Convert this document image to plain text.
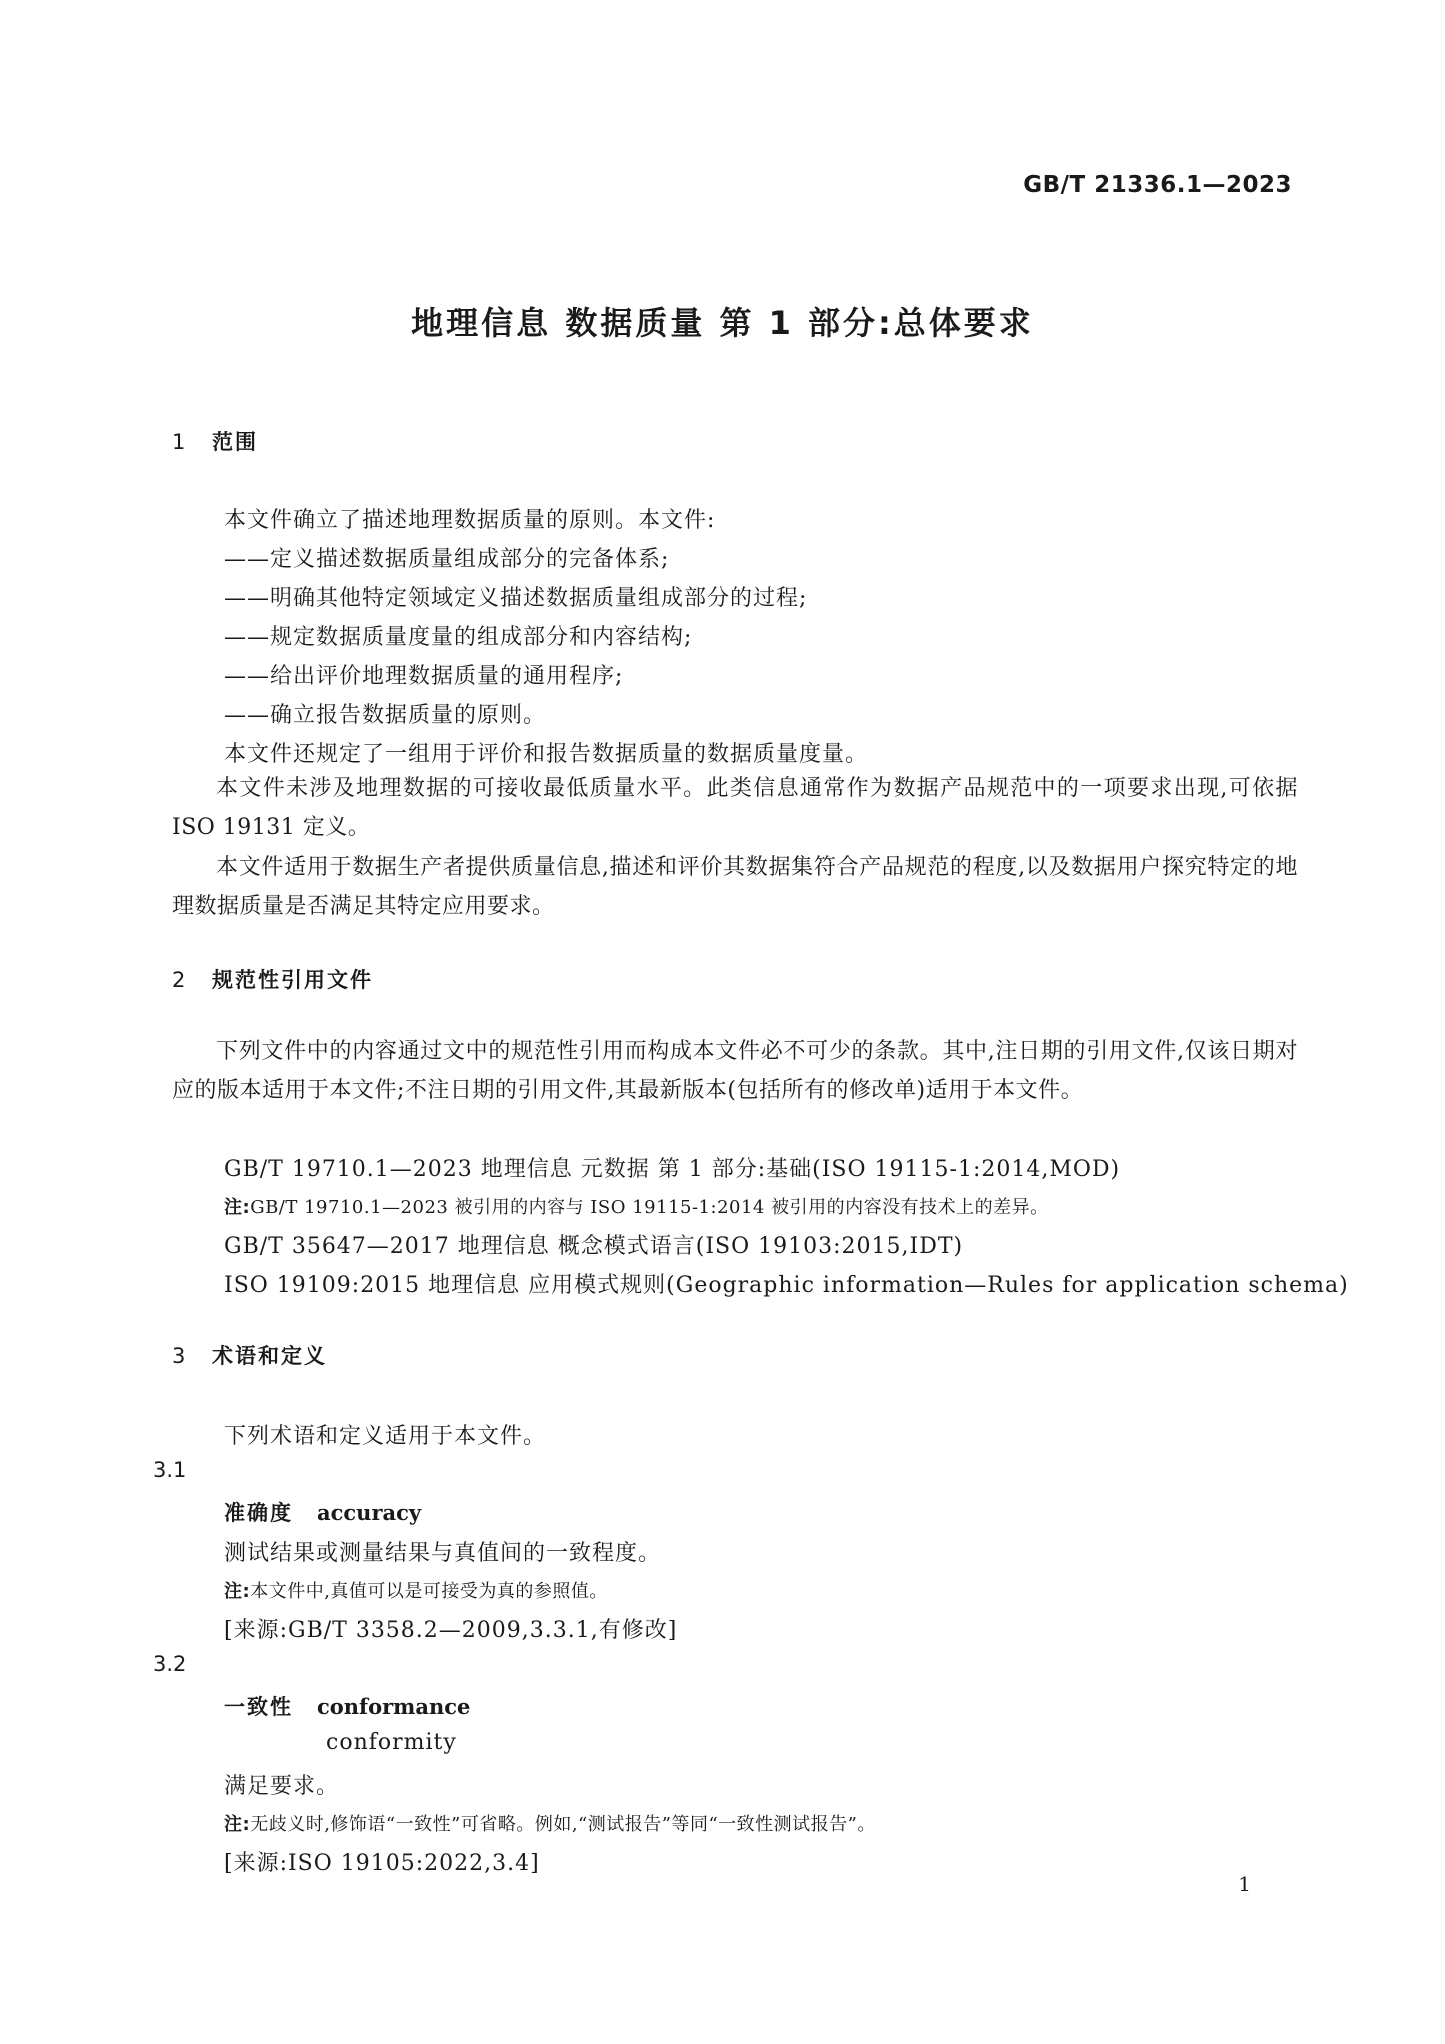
GB/T 21336.1—2023
地理信息 数据质量 第 1 部分:总体要求
1 范围
本文件确立了描述地理数据质量的原则。本文件:
——定义描述数据质量组成部分的完备体系;
——明确其他特定领域定义描述数据质量组成部分的过程;
——规定数据质量度量的组成部分和内容结构;
——给出评价地理数据质量的通用程序;
——确立报告数据质量的原则。
本文件还规定了一组用于评价和报告数据质量的数据质量度量。
本文件未涉及地理数据的可接收最低质量水平。此类信息通常作为数据产品规范中的一项要求出现,可依据 ISO 19131 定义。
本文件适用于数据生产者提供质量信息,描述和评价其数据集符合产品规范的程度,以及数据用户探究特定的地理数据质量是否满足其特定应用要求。
2 规范性引用文件
下列文件中的内容通过文中的规范性引用而构成本文件必不可少的条款。其中,注日期的引用文件,仅该日期对应的版本适用于本文件;不注日期的引用文件,其最新版本(包括所有的修改单)适用于本文件。
GB/T 19710.1—2023 地理信息 元数据 第 1 部分:基础(ISO 19115-1:2014,MOD)
注:GB/T 19710.1—2023 被引用的内容与 ISO 19115-1:2014 被引用的内容没有技术上的差异。
GB/T 35647—2017 地理信息 概念模式语言(ISO 19103:2015,IDT)
ISO 19109:2015 地理信息 应用模式规则(Geographic information—Rules for application schema)
3 术语和定义
下列术语和定义适用于本文件。
3.1
准确度 accuracy
测试结果或测量结果与真值间的一致程度。
注:本文件中,真值可以是可接受为真的参照值。
[来源:GB/T 3358.2—2009,3.3.1,有修改]
3.2
一致性 conformance
conformity
满足要求。
注:无歧义时,修饰语“一致性”可省略。例如,“测试报告”等同“一致性测试报告”。
[来源:ISO 19105:2022,3.4]
1
